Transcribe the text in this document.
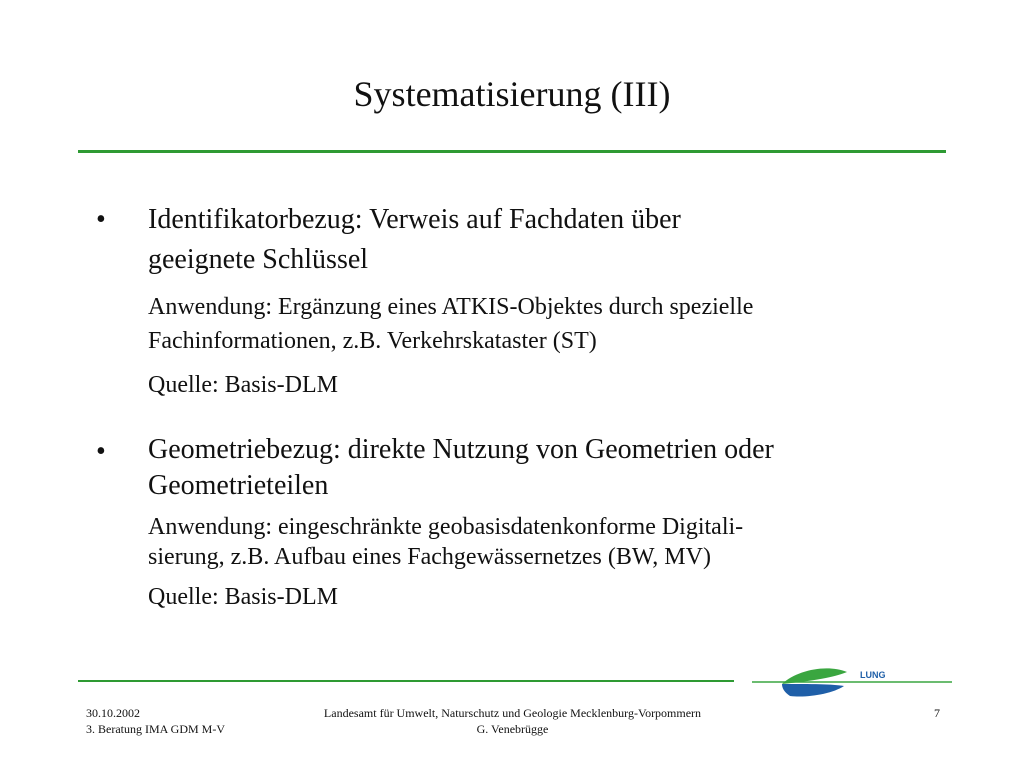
Systematisierung (III)
• Identifikatorbezug: Verweis auf Fachdaten über
geeignete Schlüssel
Anwendung: Ergänzung eines ATKIS-Objektes durch spezielle
Fachinformationen, z.B. Verkehrskataster (ST)
Quelle: Basis-DLM
• Geometriebezug: direkte Nutzung von Geometrien oder
Geometrieteilen
Anwendung: eingeschränkte geobasisdatenkonforme Digitali-
sierung, z.B. Aufbau eines Fachgewässernetzes (BW, MV)
Quelle: Basis-DLM
LUNG
30.10.2002
3. Beratung IMA GDM M-V
Landesamt für Umwelt, Naturschutz und Geologie Mecklenburg-Vorpommern
G. Venebrügge
7
